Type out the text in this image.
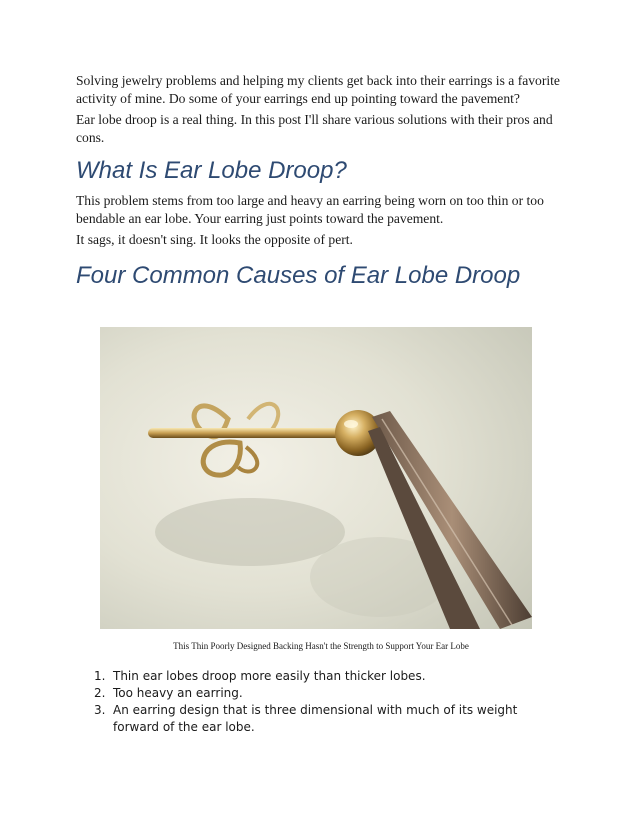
Solving jewelry problems and helping my clients get back into their earrings is a favorite activity of mine. Do some of your earrings end up pointing toward the pavement?

Ear lobe droop is a real thing. In this post I'll share various solutions with their pros and cons.

What Is Ear Lobe Droop?

This problem stems from too large and heavy an earring being worn on too thin or too bendable an ear lobe. Your earring just points toward the pavement.

It sags, it doesn't sing. It looks the opposite of pert.

Four Common Causes of Ear Lobe Droop
This Thin Poorly Designed Backing Hasn't the Strength to Support Your Ear Lobe
1. Thin ear lobes droop more easily than thicker lobes.
2. Too heavy an earring.
3. An earring design that is three dimensional with much of its weight forward of the ear lobe.
